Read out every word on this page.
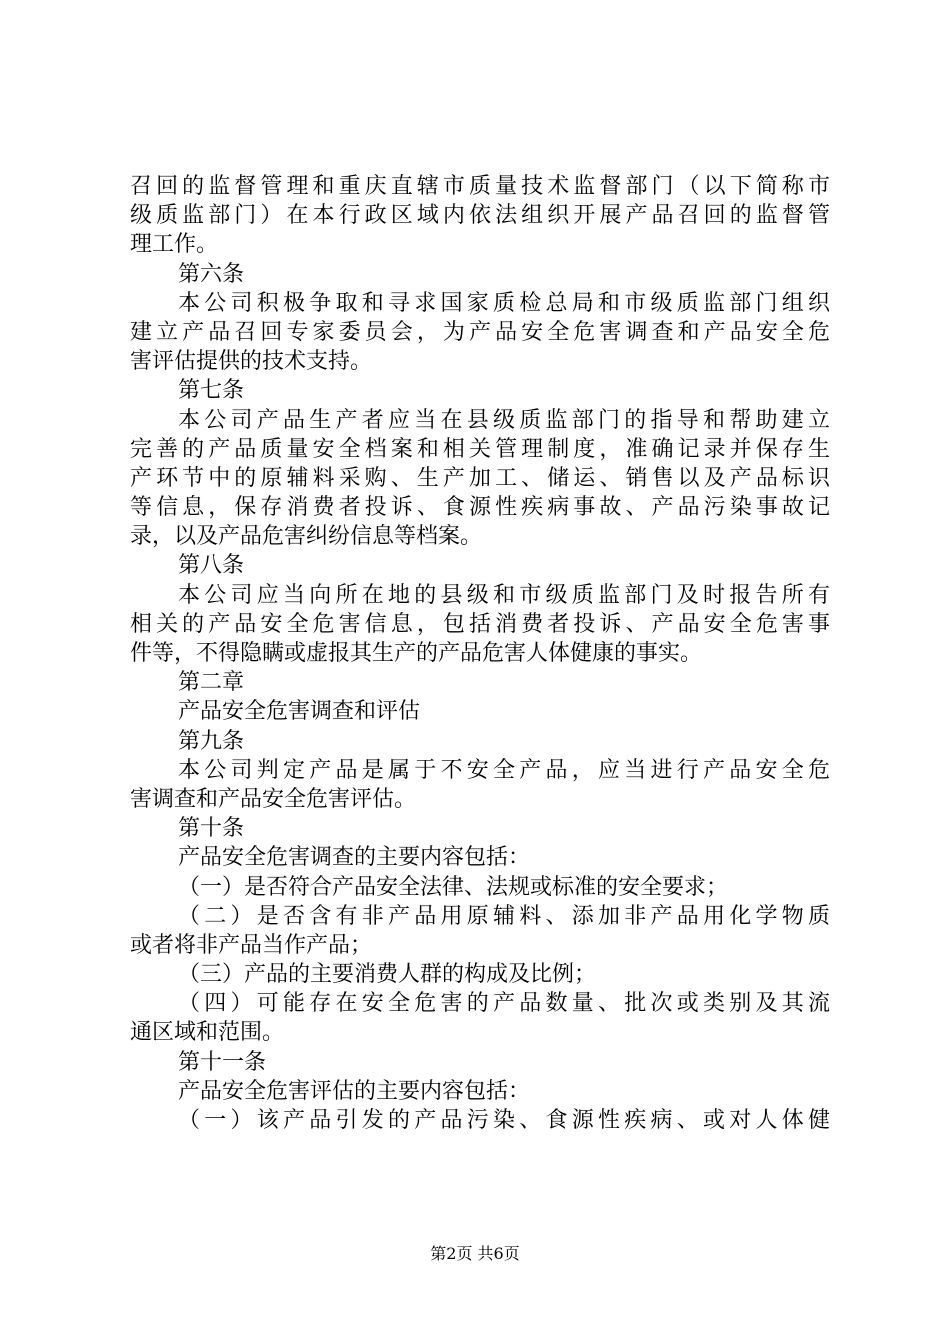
召回的监督管理和重庆直辖市质量技术监督部门（以下简称市
级质监部门）在本行政区域内依法组织开展产品召回的监督管
理工作。
第六条
本公司积极争取和寻求国家质检总局和市级质监部门组织
建立产品召回专家委员会，为产品安全危害调查和产品安全危
害评估提供的技术支持。
第七条
本公司产品生产者应当在县级质监部门的指导和帮助建立
完善的产品质量安全档案和相关管理制度，准确记录并保存生
产环节中的原辅料采购、生产加工、储运、销售以及产品标识
等信息，保存消费者投诉、食源性疾病事故、产品污染事故记
录，以及产品危害纠纷信息等档案。
第八条
本公司应当向所在地的县级和市级质监部门及时报告所有
相关的产品安全危害信息，包括消费者投诉、产品安全危害事
件等，不得隐瞒或虚报其生产的产品危害人体健康的事实。
第二章
产品安全危害调查和评估
第九条
本公司判定产品是属于不安全产品，应当进行产品安全危
害调查和产品安全危害评估。
第十条
产品安全危害调查的主要内容包括：
（一）是否符合产品安全法律、法规或标准的安全要求；
（二）是否含有非产品用原辅料、添加非产品用化学物质
或者将非产品当作产品；
（三）产品的主要消费人群的构成及比例；
（四）可能存在安全危害的产品数量、批次或类别及其流
通区域和范围。
第十一条
产品安全危害评估的主要内容包括：
（一）该产品引发的产品污染、食源性疾病、或对人体健
第2页 共6页
